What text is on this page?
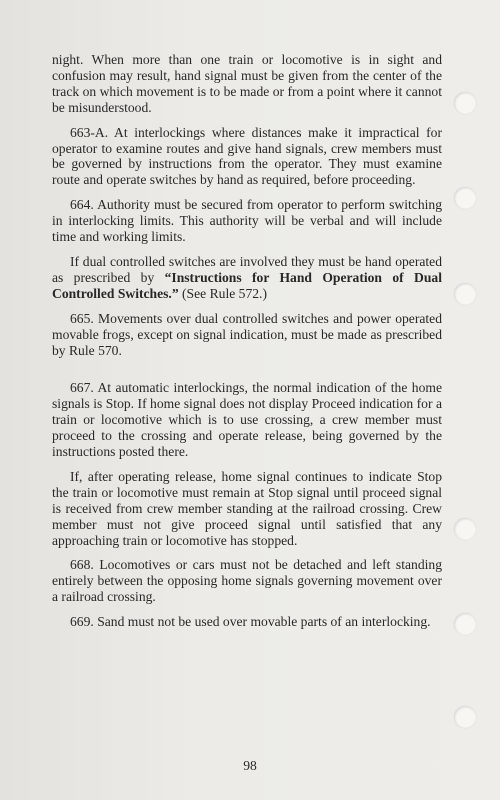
night. When more than one train or locomotive is in sight and confusion may result, hand signal must be given from the center of the track on which movement is to be made or from a point where it cannot be misunderstood.

663-A. At interlockings where distances make it impractical for operator to examine routes and give hand signals, crew members must be governed by instructions from the operator. They must examine route and operate switches by hand as required, before proceeding.

664. Authority must be secured from operator to perform switching in interlocking limits. This authority will be verbal and will include time and working limits.

If dual controlled switches are involved they must be hand operated as prescribed by “Instructions for Hand Operation of Dual Controlled Switches.” (See Rule 572.)

665. Movements over dual controlled switches and power operated movable frogs, except on signal indication, must be made as prescribed by Rule 570.

667. At automatic interlockings, the normal indication of the home signals is Stop. If home signal does not display Proceed indication for a train or locomotive which is to use crossing, a crew member must proceed to the crossing and operate release, being governed by the instructions posted there.

If, after operating release, home signal continues to indicate Stop the train or locomotive must remain at Stop signal until proceed signal is received from crew member standing at the railroad crossing. Crew member must not give proceed signal until satisfied that any approaching train or locomotive has stopped.

668. Locomotives or cars must not be detached and left standing entirely between the opposing home signals governing movement over a railroad crossing.

669. Sand must not be used over movable parts of an interlocking.

98
